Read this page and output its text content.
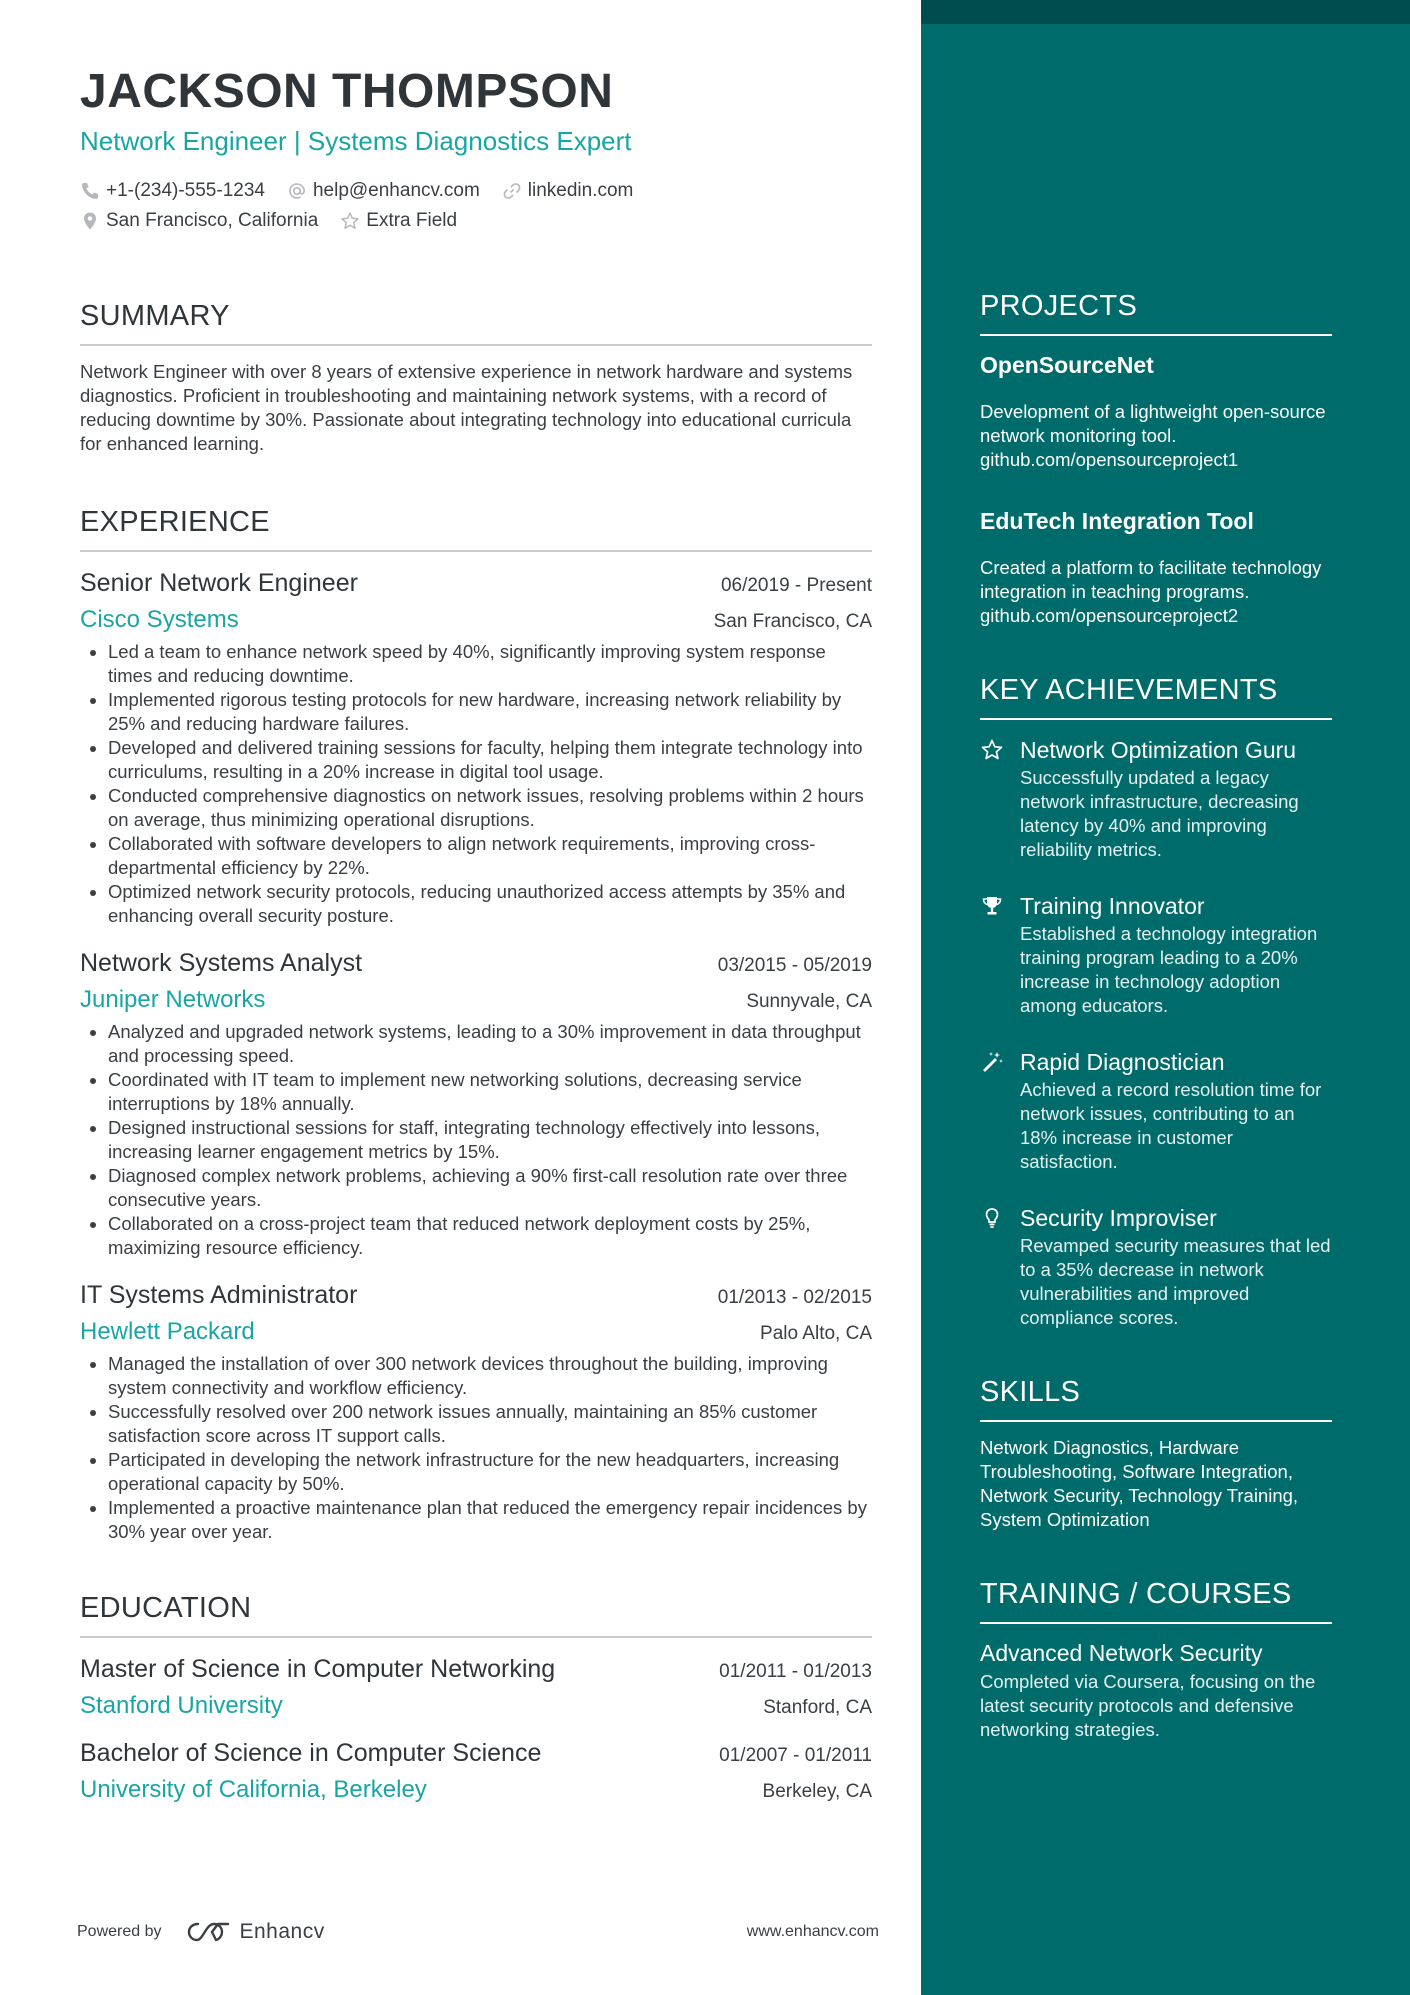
JACKSON THOMPSON
Network Engineer | Systems Diagnostics Expert
+1-(234)-555-1234	help@enhancv.com	linkedin.com
San Francisco, California	Extra Field
SUMMARY
Network Engineer with over 8 years of extensive experience in network hardware and systems diagnostics. Proficient in troubleshooting and maintaining network systems, with a record of reducing downtime by 30%. Passionate about integrating technology into educational curricula for enhanced learning.
EXPERIENCE
Senior Network Engineer	06/2019 - Present
Cisco Systems	San Francisco, CA
• Led a team to enhance network speed by 40%, significantly improving system response times and reducing downtime.
• Implemented rigorous testing protocols for new hardware, increasing network reliability by 25% and reducing hardware failures.
• Developed and delivered training sessions for faculty, helping them integrate technology into curriculums, resulting in a 20% increase in digital tool usage.
• Conducted comprehensive diagnostics on network issues, resolving problems within 2 hours on average, thus minimizing operational disruptions.
• Collaborated with software developers to align network requirements, improving cross-departmental efficiency by 22%.
• Optimized network security protocols, reducing unauthorized access attempts by 35% and enhancing overall security posture.
Network Systems Analyst	03/2015 - 05/2019
Juniper Networks	Sunnyvale, CA
• Analyzed and upgraded network systems, leading to a 30% improvement in data throughput and processing speed.
• Coordinated with IT team to implement new networking solutions, decreasing service interruptions by 18% annually.
• Designed instructional sessions for staff, integrating technology effectively into lessons, increasing learner engagement metrics by 15%.
• Diagnosed complex network problems, achieving a 90% first-call resolution rate over three consecutive years.
• Collaborated on a cross-project team that reduced network deployment costs by 25%, maximizing resource efficiency.
IT Systems Administrator	01/2013 - 02/2015
Hewlett Packard	Palo Alto, CA
• Managed the installation of over 300 network devices throughout the building, improving system connectivity and workflow efficiency.
• Successfully resolved over 200 network issues annually, maintaining an 85% customer satisfaction score across IT support calls.
• Participated in developing the network infrastructure for the new headquarters, increasing operational capacity by 50%.
• Implemented a proactive maintenance plan that reduced the emergency repair incidences by 30% year over year.
EDUCATION
Master of Science in Computer Networking	01/2011 - 01/2013
Stanford University	Stanford, CA
Bachelor of Science in Computer Science	01/2007 - 01/2011
University of California, Berkeley	Berkeley, CA
Powered by	Enhancv	www.enhancv.com
PROJECTS
OpenSourceNet
Development of a lightweight open-source network monitoring tool. github.com/opensourceproject1
EduTech Integration Tool
Created a platform to facilitate technology integration in teaching programs. github.com/opensourceproject2
KEY ACHIEVEMENTS
Network Optimization Guru
Successfully updated a legacy network infrastructure, decreasing latency by 40% and improving reliability metrics.
Training Innovator
Established a technology integration training program leading to a 20% increase in technology adoption among educators.
Rapid Diagnostician
Achieved a record resolution time for network issues, contributing to an 18% increase in customer satisfaction.
Security Improviser
Revamped security measures that led to a 35% decrease in network vulnerabilities and improved compliance scores.
SKILLS
Network Diagnostics, Hardware Troubleshooting, Software Integration, Network Security, Technology Training, System Optimization
TRAINING / COURSES
Advanced Network Security
Completed via Coursera, focusing on the latest security protocols and defensive networking strategies.
